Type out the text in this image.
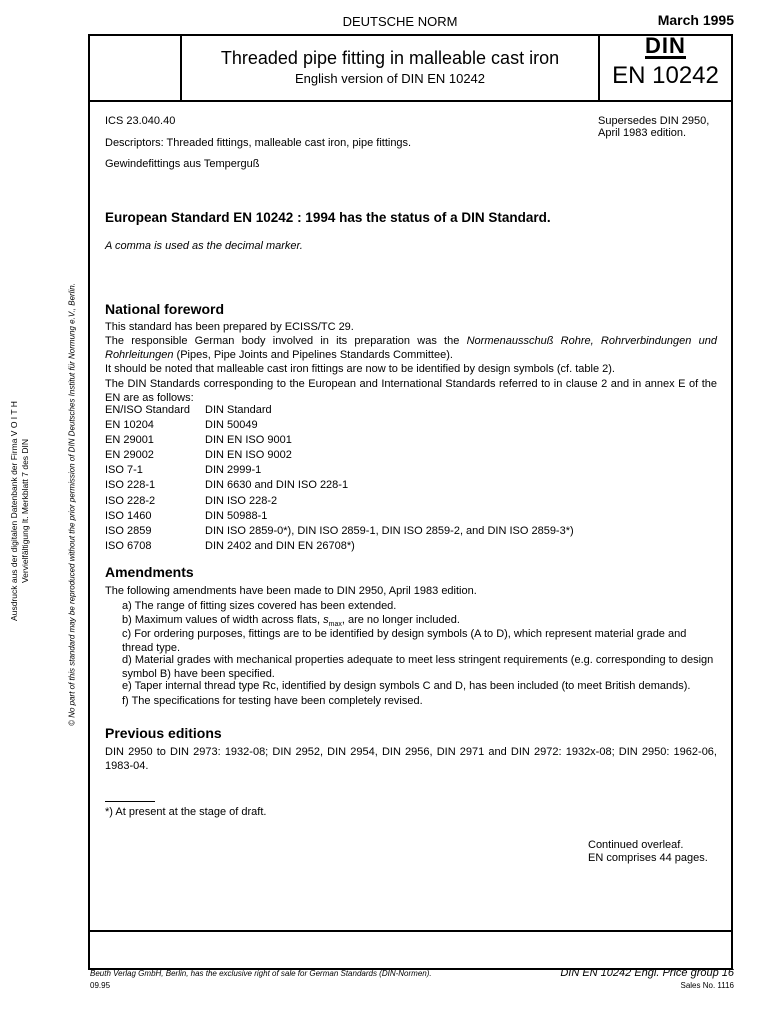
DEUTSCHE NORM	March 1995
Threaded pipe fitting in malleable cast iron
English version of DIN EN 10242
DIN
EN 10242
ICS 23.040.40
Descriptors: Threaded fittings, malleable cast iron, pipe fittings.
Gewindefittings aus Temperguß
Supersedes DIN 2950,
April 1983 edition.
European Standard EN 10242 : 1994 has the status of a DIN Standard.
A comma is used as the decimal marker.
National foreword
This standard has been prepared by ECISS/TC 29.
The responsible German body involved in its preparation was the Normenausschuß Rohre, Rohrverbindungen und Rohrleitungen (Pipes, Pipe Joints and Pipelines Standards Committee).
It should be noted that malleable cast iron fittings are now to be identified by design symbols (cf. table 2).
The DIN Standards corresponding to the European and International Standards referred to in clause 2 and in annex E of the EN are as follows:
EN/ISO Standard DIN Standard
EN 10204	DIN 50049
EN 29001	DIN EN ISO 9001
EN 29002	DIN EN ISO 9002
ISO 7-1	DIN 2999-1
ISO 228-1	DIN 6630 and DIN ISO 228-1
ISO 228-2	DIN ISO 228-2
ISO 1460	DIN 50988-1
ISO 2859	DIN ISO 2859-0*), DIN ISO 2859-1, DIN ISO 2859-2, and DIN ISO 2859-3*)
ISO 6708	DIN 2402 and DIN EN 26708*)
Amendments
The following amendments have been made to DIN 2950, April 1983 edition.
a) The range of fitting sizes covered has been extended.
b) Maximum values of width across flats, $s_{max}$, are no longer included.
c) For ordering purposes, fittings are to be identified by design symbols (A to D), which represent material grade and thread type.
d) Material grades with mechanical properties adequate to meet less stringent requirements (e.g. corresponding to design symbol B) have been specified.
e) Taper internal thread type Rc, identified by design symbols C and D, has been included (to meet British demands).
f) The specifications for testing have been completely revised.
Previous editions
DIN 2950 to DIN 2973: 1932-08; DIN 2952, DIN 2954, DIN 2956, DIN 2971 and DIN 2972: 1932x-08; DIN 2950: 1962-06, 1983-04.
*) At present at the stage of draft.
Continued overleaf.
EN comprises 44 pages.
Ausdruck aus der digitalen Datenbank der Firma V O I T H Vervielfältigung lt. Merkblatt 7 des DIN	© No part of this standard may be reproduced without the prior permission of DIN Deutsches Institut für Normung e.V., Berlin.
Beuth Verlag GmbH, Berlin, has the exclusive right of sale for German Standards (DIN-Normen).
09.95
DIN EN 10242 Engl. Price group 16
Sales No. 1116
